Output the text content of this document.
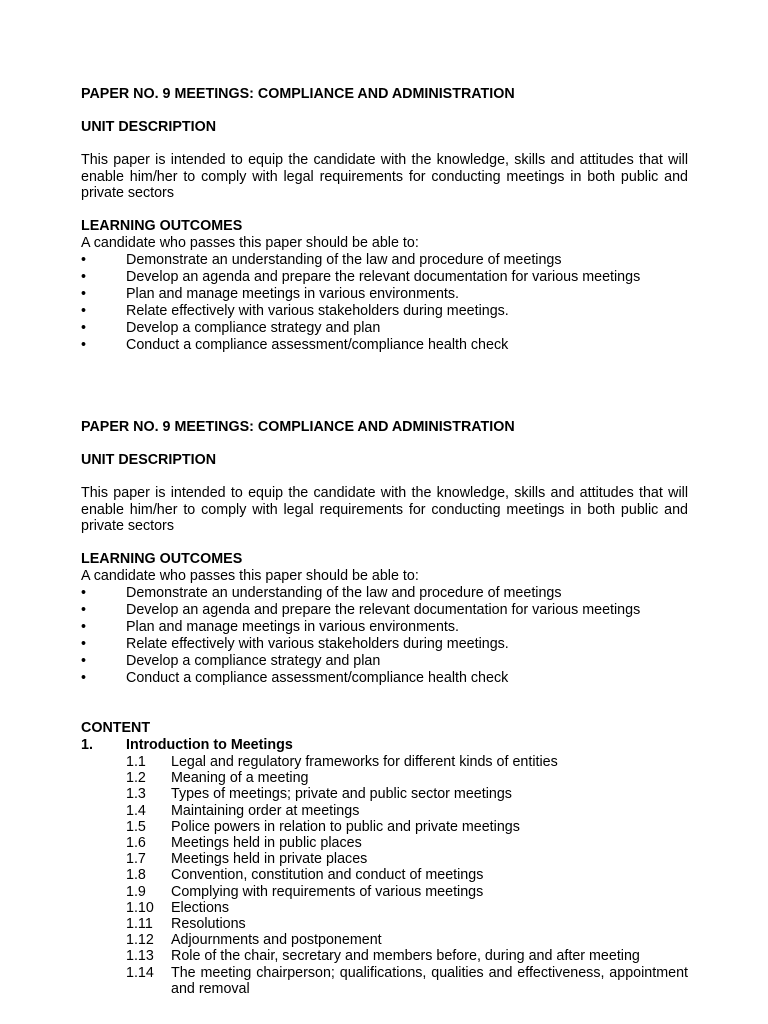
PAPER NO. 9 MEETINGS: COMPLIANCE AND ADMINISTRATION
UNIT DESCRIPTION
This paper is intended to equip the candidate with the knowledge, skills and attitudes that will enable him/her to comply with legal requirements for conducting meetings in both public and private sectors
LEARNING OUTCOMES
A candidate who passes this paper should be able to:
•	Demonstrate an understanding of the law and procedure of meetings
•	Develop an agenda and prepare the relevant documentation for various meetings
•	Plan and manage meetings in various environments.
•	Relate effectively with various stakeholders during meetings.
•	Develop a compliance strategy and plan
•	Conduct a compliance assessment/compliance health check
PAPER NO. 9 MEETINGS: COMPLIANCE AND ADMINISTRATION
UNIT DESCRIPTION
This paper is intended to equip the candidate with the knowledge, skills and attitudes that will enable him/her to comply with legal requirements for conducting meetings in both public and private sectors
LEARNING OUTCOMES
A candidate who passes this paper should be able to:
•	Demonstrate an understanding of the law and procedure of meetings
•	Develop an agenda and prepare the relevant documentation for various meetings
•	Plan and manage meetings in various environments.
•	Relate effectively with various stakeholders during meetings.
•	Develop a compliance strategy and plan
•	Conduct a compliance assessment/compliance health check
CONTENT
1. Introduction to Meetings
1.1 Legal and regulatory frameworks for different kinds of entities
1.2 Meaning of a meeting
1.3 Types of meetings; private and public sector meetings
1.4 Maintaining order at meetings
1.5 Police powers in relation to public and private meetings
1.6 Meetings held in public places
1.7 Meetings held in private places
1.8 Convention, constitution and conduct of meetings
1.9 Complying with requirements of various meetings
1.10 Elections
1.11 Resolutions
1.12 Adjournments and postponement
1.13 Role of the chair, secretary and members before, during and after meeting
1.14 The meeting chairperson; qualifications, qualities and effectiveness, appointment and removal
